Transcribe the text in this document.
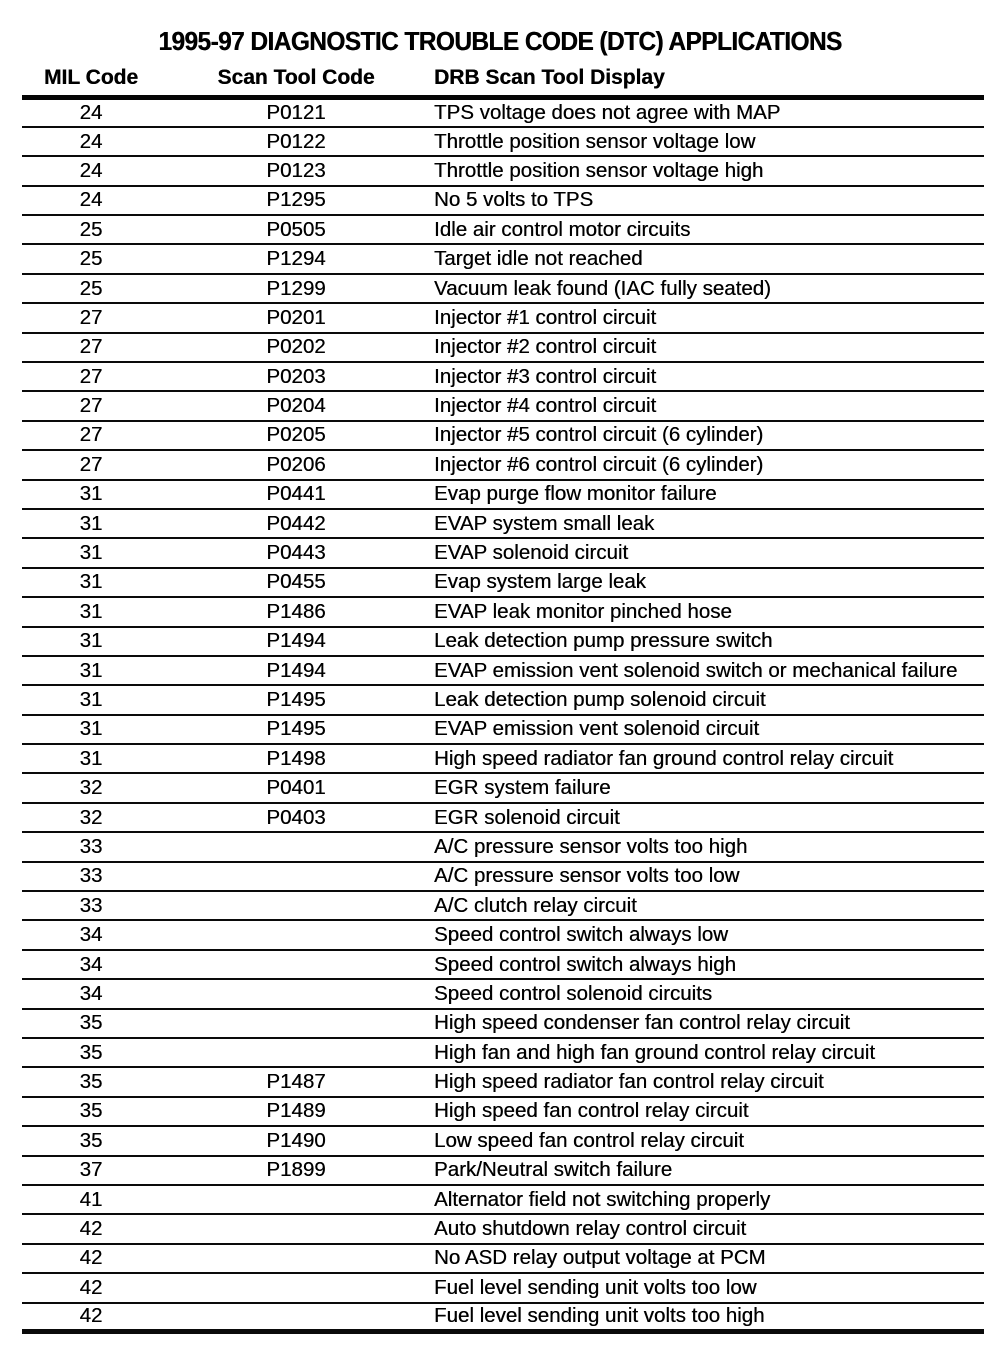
1995-97 DIAGNOSTIC TROUBLE CODE (DTC) APPLICATIONS
MIL Code	Scan Tool Code	DRB Scan Tool Display
24	P0121	TPS voltage does not agree with MAP
24	P0122	Throttle position sensor voltage low
24	P0123	Throttle position sensor voltage high
24	P1295	No 5 volts to TPS
25	P0505	Idle air control motor circuits
25	P1294	Target idle not reached
25	P1299	Vacuum leak found (IAC fully seated)
27	P0201	Injector #1 control circuit
27	P0202	Injector #2 control circuit
27	P0203	Injector #3 control circuit
27	P0204	Injector #4 control circuit
27	P0205	Injector #5 control circuit (6 cylinder)
27	P0206	Injector #6 control circuit (6 cylinder)
31	P0441	Evap purge flow monitor failure
31	P0442	EVAP system small leak
31	P0443	EVAP solenoid circuit
31	P0455	Evap system large leak
31	P1486	EVAP leak monitor pinched hose
31	P1494	Leak detection pump pressure switch
31	P1494	EVAP emission vent solenoid switch or mechanical failure
31	P1495	Leak detection pump solenoid circuit
31	P1495	EVAP emission vent solenoid circuit
31	P1498	High speed radiator fan ground control relay circuit
32	P0401	EGR system failure
32	P0403	EGR solenoid circuit
33		A/C pressure sensor volts too high
33		A/C pressure sensor volts too low
33		A/C clutch relay circuit
34		Speed control switch always low
34		Speed control switch always high
34		Speed control solenoid circuits
35		High speed condenser fan control relay circuit
35		High fan and high fan ground control relay circuit
35	P1487	High speed radiator fan control relay circuit
35	P1489	High speed fan control relay circuit
35	P1490	Low speed fan control relay circuit
37	P1899	Park/Neutral switch failure
41		Alternator field not switching properly
42		Auto shutdown relay control circuit
42		No ASD relay output voltage at PCM
42		Fuel level sending unit volts too low
42		Fuel level sending unit volts too high
